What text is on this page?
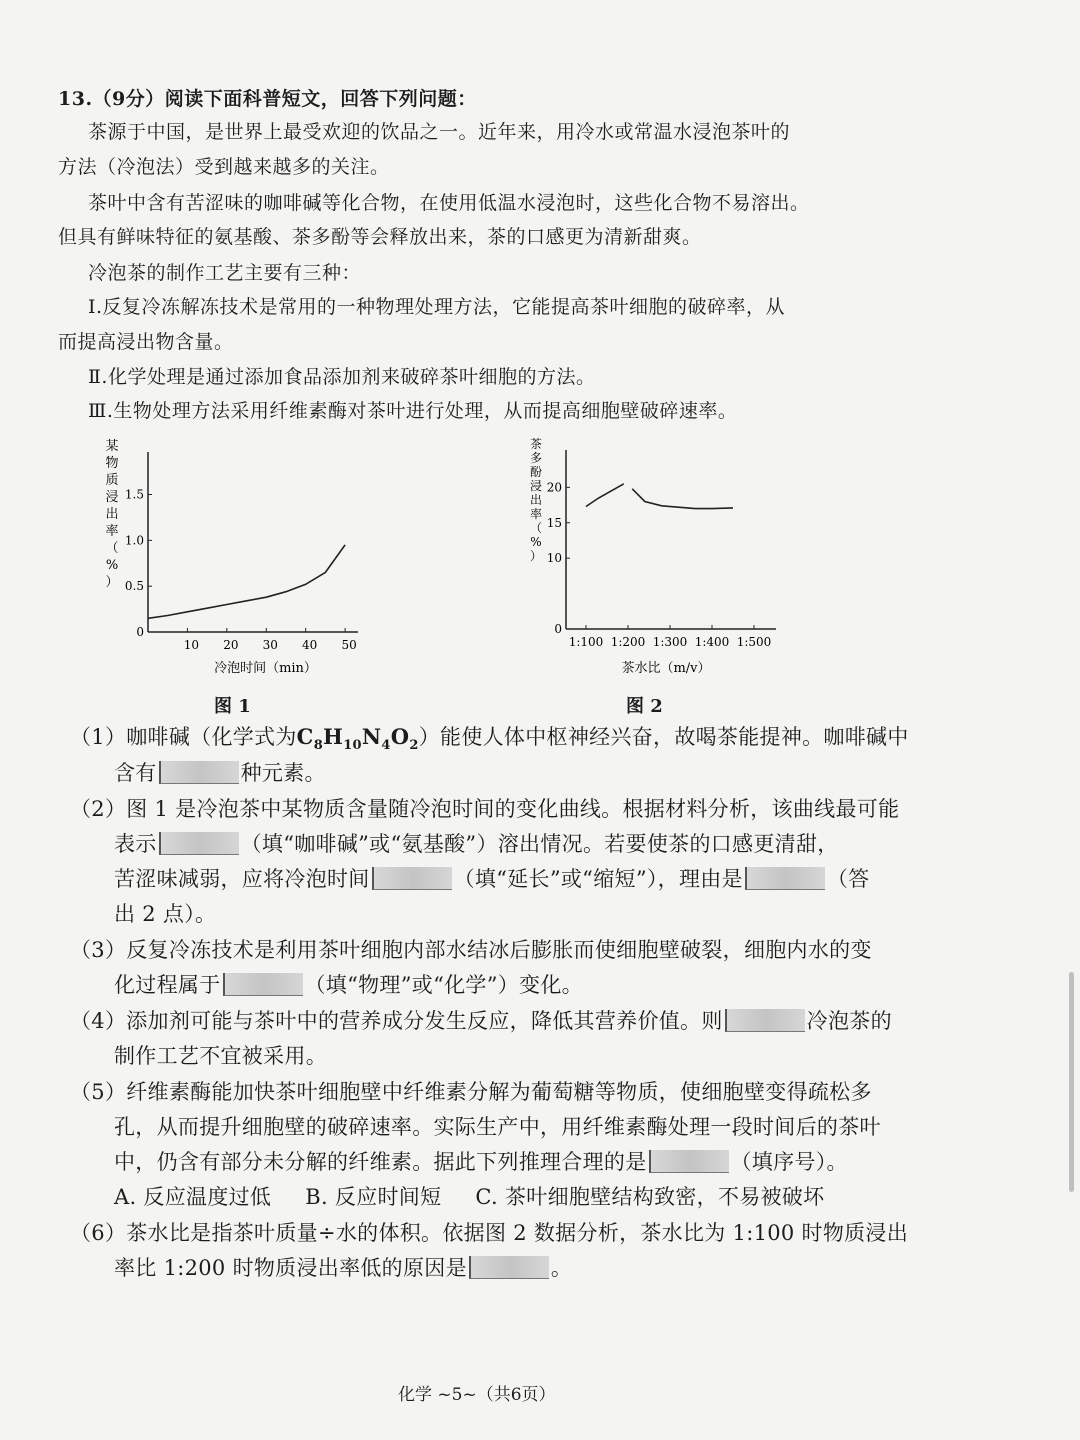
13.（9分）阅读下面科普短文，回答下列问题：
茶源于中国，是世界上最受欢迎的饮品之一。近年来，用冷水或常温水浸泡茶叶的
方法（冷泡法）受到越来越多的关注。
茶叶中含有苦涩味的咖啡碱等化合物，在使用低温水浸泡时，这些化合物不易溶出。
但具有鲜味特征的氨基酸、茶多酚等会释放出来，茶的口感更为清新甜爽。
冷泡茶的制作工艺主要有三种：
Ⅰ.反复冷冻解冻技术是常用的一种物理处理方法，它能提高茶叶细胞的破碎率，从
而提高浸出物含量。
Ⅱ.化学处理是通过添加食品添加剂来破碎茶叶细胞的方法。
Ⅲ.生物处理方法采用纤维素酶对茶叶进行处理，从而提高细胞壁破碎速率。
某
物
质
浸
出
率
（
%
）
10 20 30 40 50
0
0.5
1.0
1.5
冷泡时间（min）
图 1
茶
多
酚
浸
出
率
（
%
）
1:100 1:200 1:300 1:400 1:500
0
10
15
20
茶水比（m/v）
图 2
（1）咖啡碱（化学式为$C_8H_{10}N_4O_2$）能使人体中枢神经兴奋，故喝茶能提神。咖啡碱中
含有	种元素。
（2）图 1 是冷泡茶中某物质含量随冷泡时间的变化曲线。根据材料分析，该曲线最可能
表示	（填“咖啡碱”或“氨基酸”）溶出情况。若要使茶的口感更清甜，
苦涩味减弱，应将冷泡时间	（填“延长”或“缩短”），理由是	（答
出 2 点）。
（3）反复冷冻技术是利用茶叶细胞内部水结冰后膨胀而使细胞壁破裂，细胞内水的变
化过程属于	（填“物理”或“化学”）变化。
（4）添加剂可能与茶叶中的营养成分发生反应，降低其营养价值。则	冷泡茶的
制作工艺不宜被采用。
（5）纤维素酶能加快茶叶细胞壁中纤维素分解为葡萄糖等物质，使细胞壁变得疏松多
孔，从而提升细胞壁的破碎速率。实际生产中，用纤维素酶处理一段时间后的茶叶
中，仍含有部分未分解的纤维素。据此下列推理合理的是	（填序号）。
A. 反应温度过低 B. 反应时间短 C. 茶叶细胞壁结构致密，不易被破坏
（6）茶水比是指茶叶质量÷水的体积。依据图 2 数据分析，茶水比为 1:100 时物质浸出
率比 1:200 时物质浸出率低的原因是	。
化学 ~5~（共6页）
